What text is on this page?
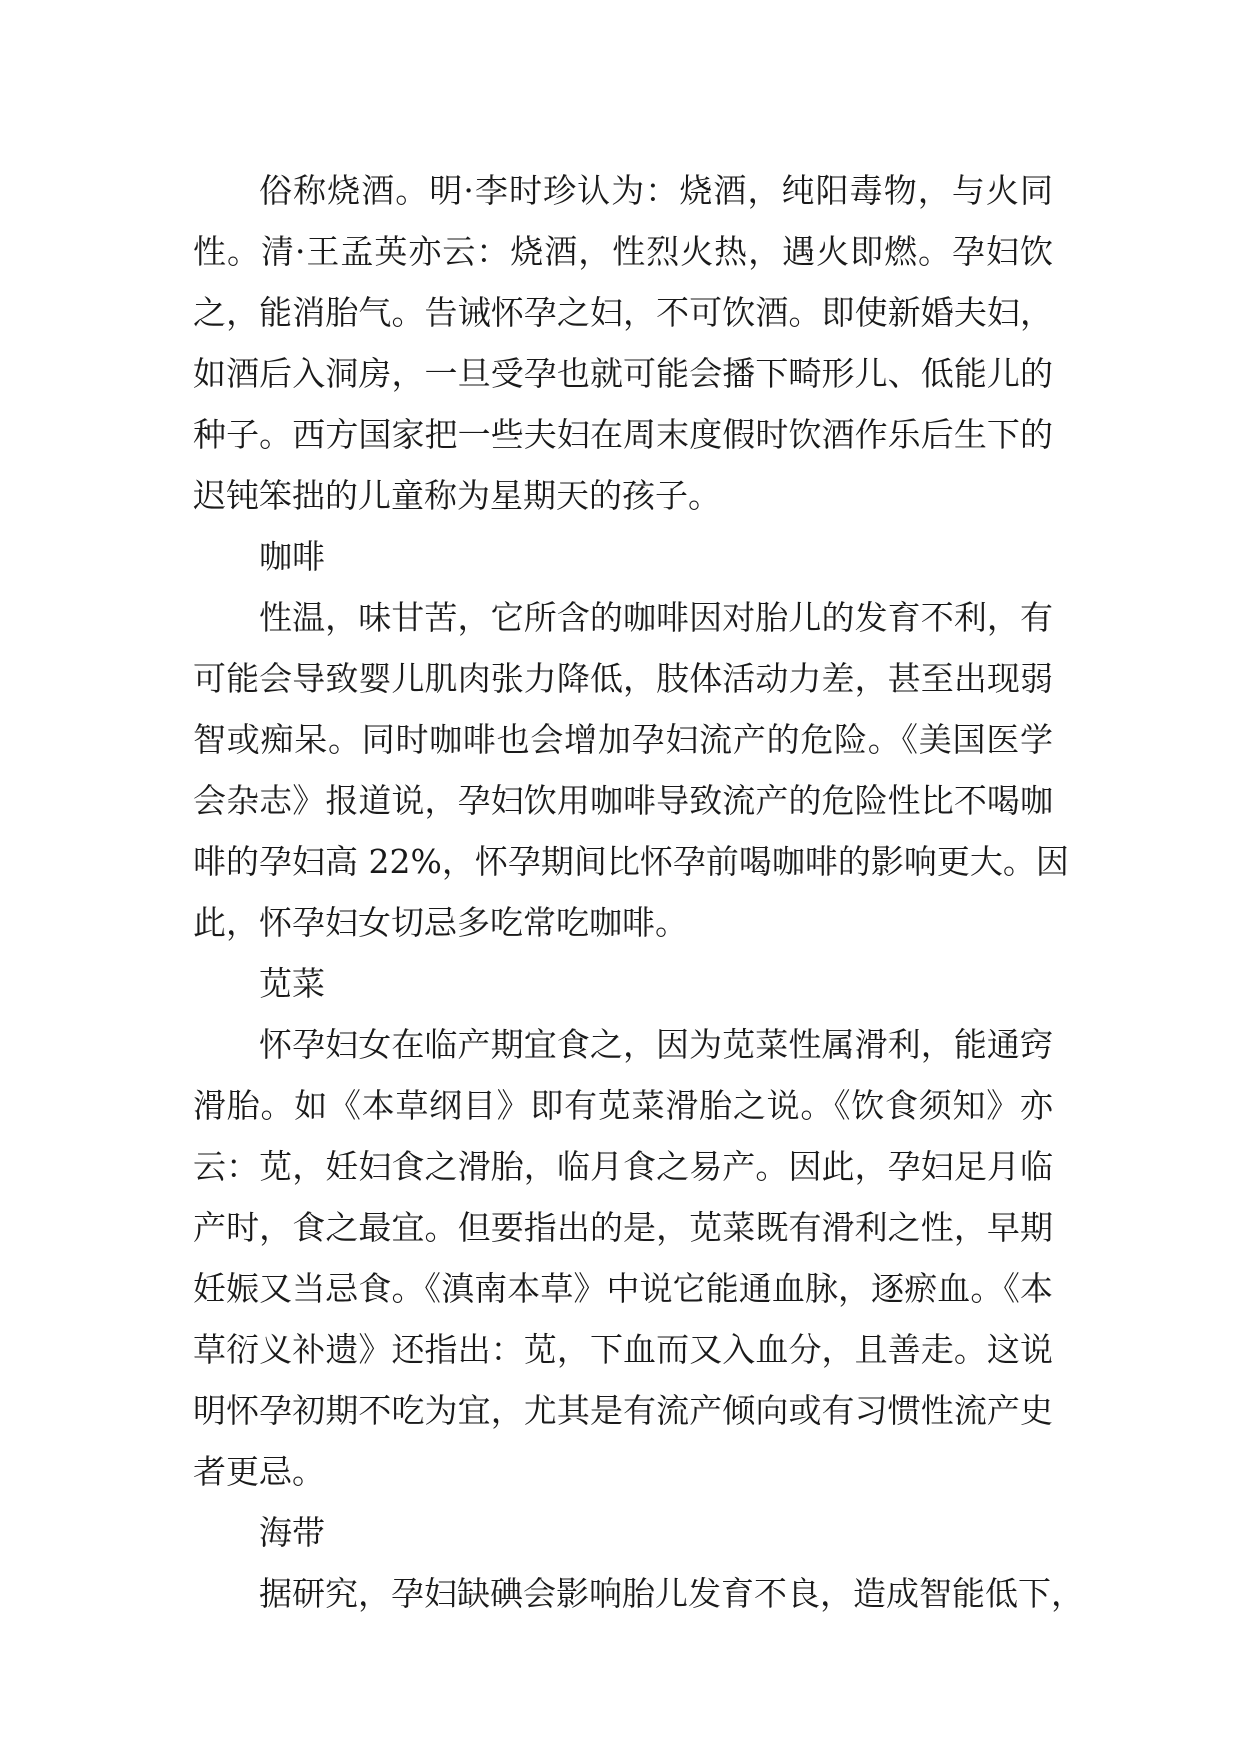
俗称烧酒。明·李时珍认为：烧酒，纯阳毒物，与火同
性。清·王孟英亦云：烧酒，性烈火热，遇火即燃。孕妇饮
之，能消胎气。告诫怀孕之妇，不可饮酒。即使新婚夫妇，
如酒后入洞房，一旦受孕也就可能会播下畸形儿、低能儿的
种子。西方国家把一些夫妇在周末度假时饮酒作乐后生下的
迟钝笨拙的儿童称为星期天的孩子。
咖啡
性温，味甘苦，它所含的咖啡因对胎儿的发育不利，有
可能会导致婴儿肌肉张力降低，肢体活动力差，甚至出现弱
智或痴呆。同时咖啡也会增加孕妇流产的危险。《美国医学
会杂志》报道说，孕妇饮用咖啡导致流产的危险性比不喝咖
啡的孕妇高 22%，怀孕期间比怀孕前喝咖啡的影响更大。因
此，怀孕妇女切忌多吃常吃咖啡。
苋菜
怀孕妇女在临产期宜食之，因为苋菜性属滑利，能通窍
滑胎。如《本草纲目》即有苋菜滑胎之说。《饮食须知》亦
云：苋，妊妇食之滑胎，临月食之易产。因此，孕妇足月临
产时，食之最宜。但要指出的是，苋菜既有滑利之性，早期
妊娠又当忌食。《滇南本草》中说它能通血脉，逐瘀血。《本
草衍义补遗》还指出：苋，下血而又入血分，且善走。这说
明怀孕初期不吃为宜，尤其是有流产倾向或有习惯性流产史
者更忌。
海带
据研究，孕妇缺碘会影响胎儿发育不良，造成智能低下，
